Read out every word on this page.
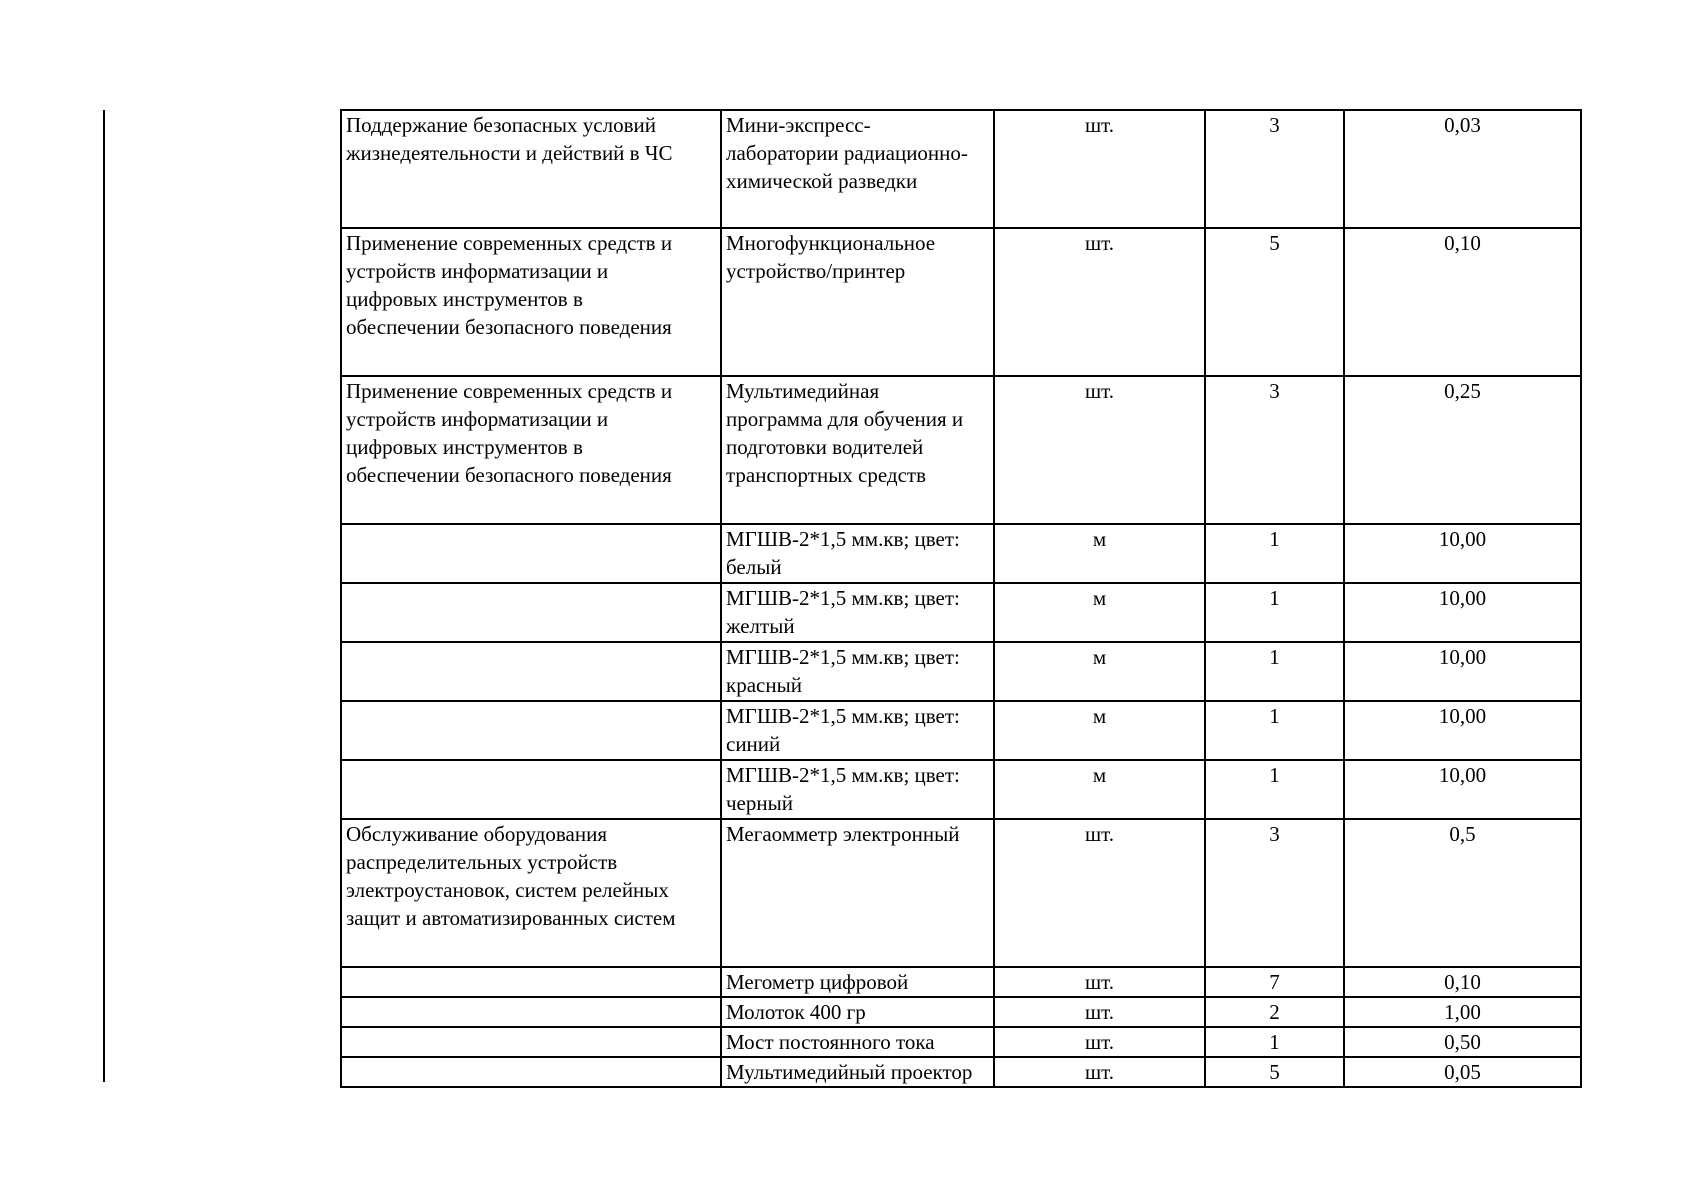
Поддержание безопасных условий
жизнедеятельности и действий в ЧС	Мини-экспресс-
лаборатории радиационно-
химической разведки	шт.	3	0,03

Применение современных средств и
устройств информатизации и
цифровых инструментов в
обеспечении безопасного поведения	Многофункциональное
устройство/принтер	шт.	5	0,10

Применение современных средств и
устройств информатизации и
цифровых инструментов в
обеспечении безопасного поведения	Мультимедийная
программа для обучения и
подготовки водителей
транспортных средств	шт.	3	0,25

	МГШВ-2*1,5 мм.кв; цвет:
белый	м	1	10,00

	МГШВ-2*1,5 мм.кв; цвет:
желтый	м	1	10,00

	МГШВ-2*1,5 мм.кв; цвет:
красный	м	1	10,00

	МГШВ-2*1,5 мм.кв; цвет:
синий	м	1	10,00

	МГШВ-2*1,5 мм.кв; цвет:
черный	м	1	10,00

Обслуживание оборудования
распределительных устройств
электроустановок, систем релейных
защит и автоматизированных систем	Мегаомметр электронный	шт.	3	0,5
	Мегометр цифровой	шт.	7	0,10
	Молоток 400 гр	шт.	2	1,00
	Мост постоянного тока	шт.	1	0,50
	Мультимедийный проектор	шт.	5	0,05
